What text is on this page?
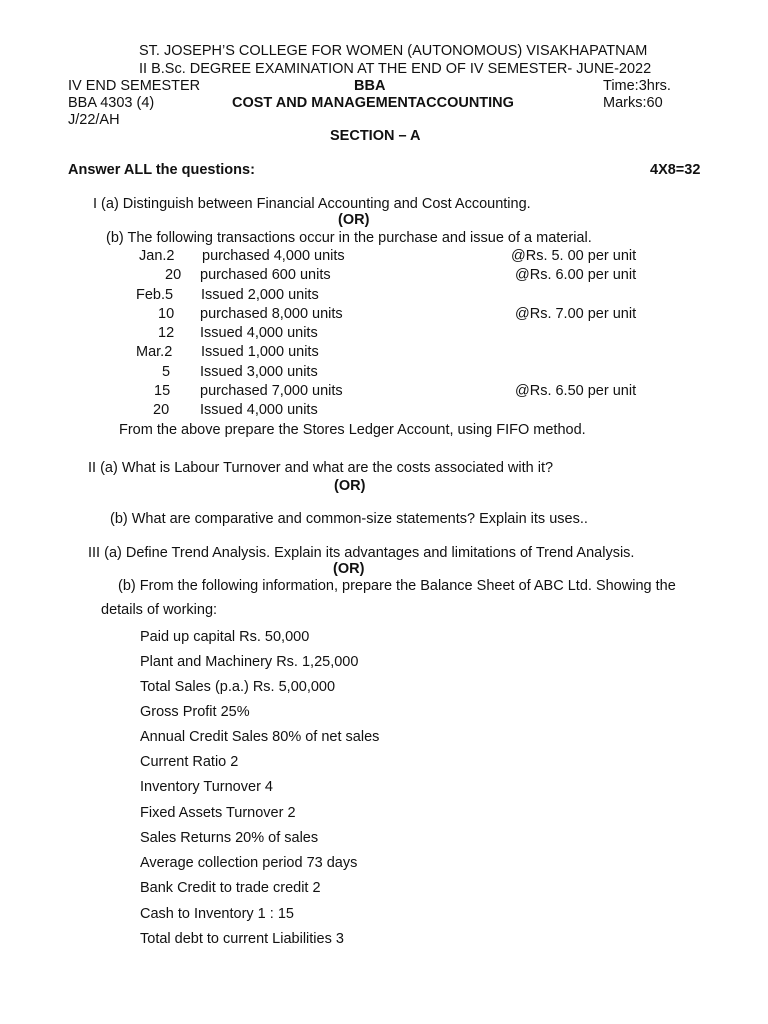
ST. JOSEPH’S COLLEGE FOR WOMEN (AUTONOMOUS) VISAKHAPATNAM
II B.Sc. DEGREE EXAMINATION AT THE END OF IV SEMESTER- JUNE-2022
IV END SEMESTER	BBA	Time:3hrs.
BBA 4303 (4)	COST AND MANAGEMENTACCOUNTING	Marks:60
J/22/AH
SECTION – A
Answer ALL the questions:	4X8=32
I (a) Distinguish between Financial Accounting and Cost Accounting.
(OR)
(b) The following transactions occur in the purchase and issue of a material.
Jan.2 purchased 4,000 units	@Rs. 5. 00 per unit
20 purchased 600 units	@Rs. 6.00 per unit
Feb.5 Issued 2,000 units
10 purchased 8,000 units	@Rs. 7.00 per unit
12 Issued 4,000 units
Mar.2 Issued 1,000 units
5 Issued 3,000 units
15 purchased 7,000 units	@Rs. 6.50 per unit
20 Issued 4,000 units
From the above prepare the Stores Ledger Account, using FIFO method.
II (a) What is Labour Turnover and what are the costs associated with it?
(OR)
(b) What are comparative and common-size statements? Explain its uses..
III (a) Define Trend Analysis. Explain its advantages and limitations of Trend Analysis.
(OR)
(b) From the following information, prepare the Balance Sheet of ABC Ltd. Showing the
details of working:
Paid up capital Rs. 50,000
Plant and Machinery Rs. 1,25,000
Total Sales (p.a.) Rs. 5,00,000
Gross Profit 25%
Annual Credit Sales 80% of net sales
Current Ratio 2
Inventory Turnover 4
Fixed Assets Turnover 2
Sales Returns 20% of sales
Average collection period 73 days
Bank Credit to trade credit 2
Cash to Inventory 1 : 15
Total debt to current Liabilities 3
